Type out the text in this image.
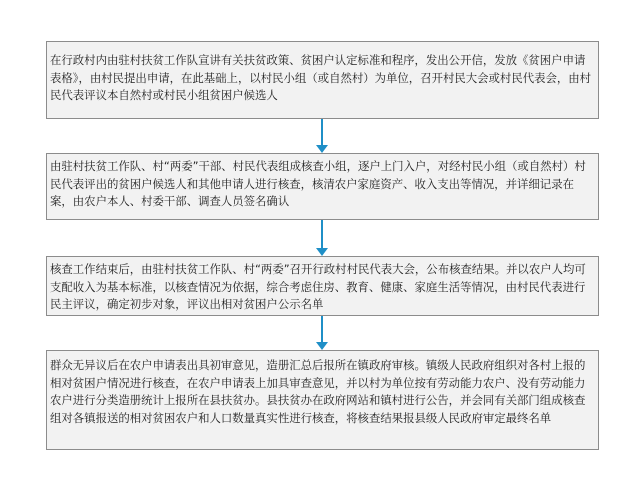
在行政村内由驻村扶贫工作队宣讲有关扶贫政策、贫困户认定标准和程序，发出公开信，发放《贫困户申请表格》，由村民提出申请，在此基础上，以村民小组（或自然村）为单位，召开村民大会或村民代表会，由村民代表评议本自然村或村民小组贫困户候选人
由驻村扶贫工作队、村“两委”干部、村民代表组成核查小组，逐户上门入户，对经村民小组（或自然村）村民代表评出的贫困户候选人和其他申请人进行核查，核清农户家庭资产、收入支出等情况，并详细记录在案，由农户本人、村委干部、调查人员签名确认
核查工作结束后，由驻村扶贫工作队、村“两委”召开行政村村民代表大会，公布核查结果。并以农户人均可支配收入为基本标准，以核查情况为依据，综合考虑住房、教育、健康、家庭生活等情况，由村民代表进行民主评议，确定初步对象，评议出相对贫困户公示名单
群众无异议后在农户申请表出具初审意见，造册汇总后报所在镇政府审核。镇级人民政府组织对各村上报的相对贫困户情况进行核查，在农户申请表上加具审查意见，并以村为单位按有劳动能力农户、没有劳动能力农户进行分类造册统计上报所在县扶贫办。县扶贫办在政府网站和镇村进行公告，并会同有关部门组成核查组对各镇报送的相对贫困农户和人口数量真实性进行核查，将核查结果报县级人民政府审定最终名单
